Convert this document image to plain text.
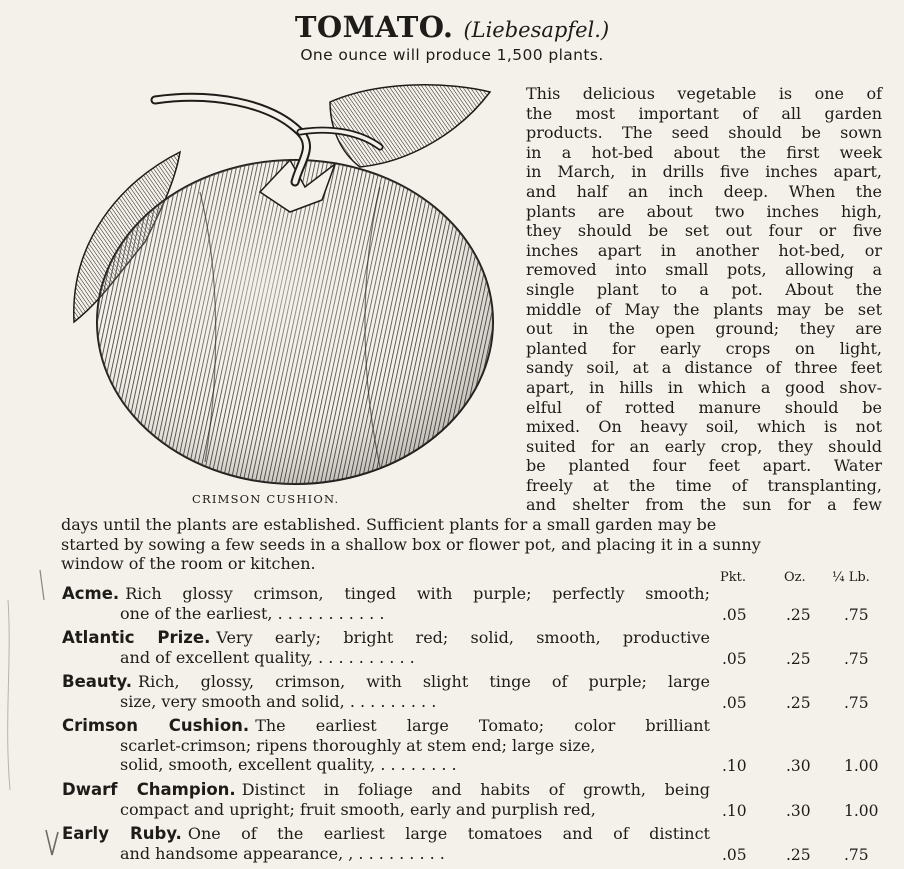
TOMATO. (Liebesapfel.)
One ounce will produce 1,500 plants.
CRIMSON CUSHION.
This delicious vegetable is one of
the most important of all garden
products. The seed should be sown
in a hot-bed about the first week
in March, in drills five inches apart,
and half an inch deep. When the
plants are about two inches high,
they should be set out four or five
inches apart in another hot-bed, or
removed into small pots, allowing a
single plant to a pot. About the
middle of May the plants may be set
out in the open ground; they are
planted for early crops on light,
sandy soil, at a distance of three feet
apart, in hills in which a good shov-
elful of rotted manure should be
mixed. On heavy soil, which is not
suited for an early crop, they should
be planted four feet apart. Water
freely at the time of transplanting,
and shelter from the sun for a few
days until the plants are established. Sufficient plants for a small garden may be
started by sowing a few seeds in a shallow box or flower pot, and placing it in a sunny
window of the room or kitchen.
Pkt.	Oz. ¼ Lb.
Acme. Rich glossy crimson, tinged with purple; perfectly smooth;
one of the earliest, . . . . . . . . . . .	.05	.25 .75
Atlantic Prize. Very early; bright red; solid, smooth, productive
and of excellent quality, . . . . . . . . . .	.05	.25 .75
Beauty. Rich, glossy, crimson, with slight tinge of purple; large
size, very smooth and solid, . . . . . . . . .	.05	.25 .75
Crimson Cushion. The earliest large Tomato; color brilliant
scarlet-crimson; ripens thoroughly at stem end; large size,
solid, smooth, excellent quality, . . . . . . . .	.10	.30 1.00
Dwarf Champion. Distinct in foliage and habits of growth, being
compact and upright; fruit smooth, early and purplish red,	.10	.30 1.00
Early Ruby. One of the earliest large tomatoes and of distinct
and handsome appearance, , . . . . . . . . .	.05	.25 .75
